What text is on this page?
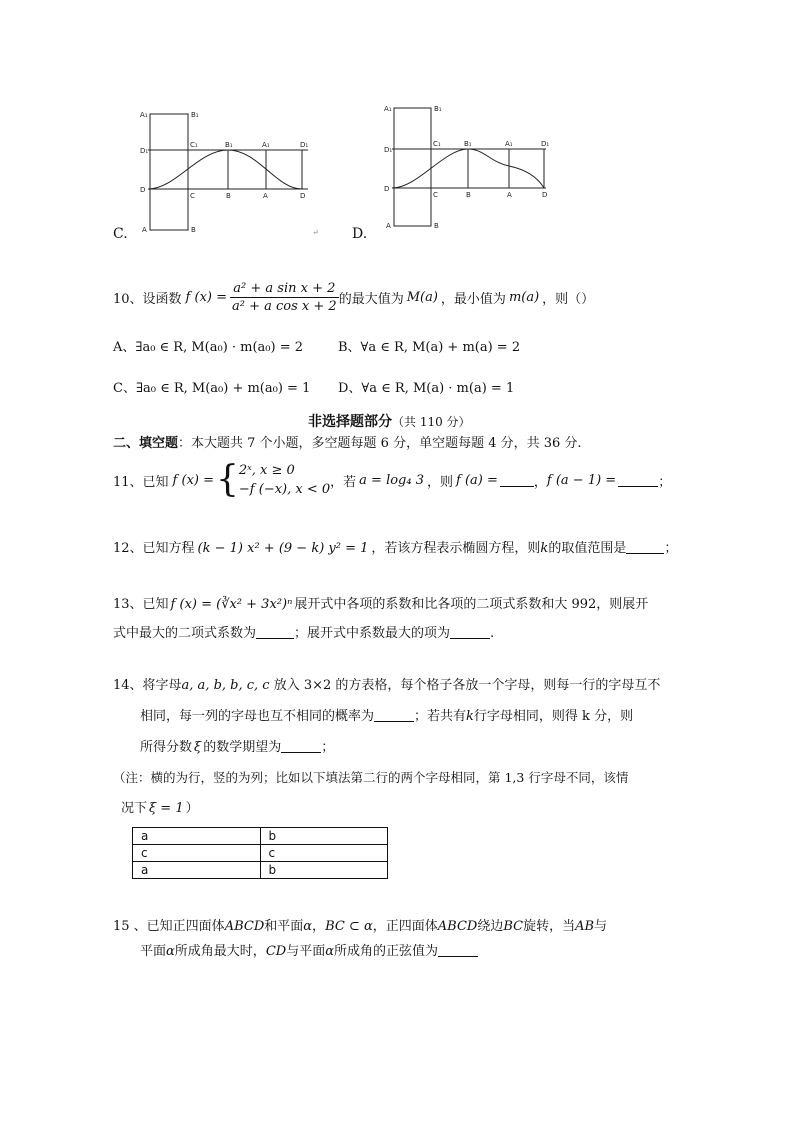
A₁	B₁
D₁
C₁	B₁	A₁	D₁
D
C	B	A	D
A	B
C.	↵
A₁	B₁
D₁
C₁	B₁	A₁	D₁
D
C	B	A	D
A	B
D.
10、设函数 f $(x) = \frac{\text{a² + a sin x + 2}}{\text{a² + a cos x + 2}}$ 的最大值为 M(a) ，最小值为 m(a) ，则（）
A、∃a₀ ∈ R, M(a₀) · m(a₀) = 2	B、∀a ∈ R, M(a) + m(a) = 2
C、∃a₀ ∈ R, M(a₀) + m(a₀) = 1 D、∀a ∈ R, M(a) · m(a) = 1
非选择题部分（共 110 分）
二、填空题：本大题共 7 个小题，多空题每题 6 分，单空题每题 4 分，共 36 分.
11、已知 f (x) = { 2ˣ, x ≥ 0
−f (−x), x < 0 ，若 a = log₄ 3 ，则 f (a) =	， f (a − 1) =	；
12、已知方程 (k − 1) x² + (9 − k) y² = 1 ，若该方程表示椭圆方程，则k的取值范围是	；
13、已知 f (x) = (∛x² + 3x²)ⁿ 展开式中各项的系数和比各项的二项式系数和大 992，则展开
式中最大的二项式系数为	；展开式中系数最大的项为	.
14、将字母a, a, b, b, c, c 放入 3×2 的方表格，每个格子各放一个字母，则每一行的字母互不
相同，每一列的字母也互不相同的概率为	；若共有k行字母相同，则得 k 分，则
所得分数 ξ 的数学期望为	；
（注：横的为行，竖的为列；比如以下填法第二行的两个字母相同，第 1,3 行字母不同，该情
况下 ξ = 1 ）
a	b
c	c
a	b
15 、已知正四面体ABCD和平面α，BC ⊂ α，正四面体ABCD绕边BC旋转，当AB与
平面α所成角最大时，CD与平面α所成角的正弦值为
